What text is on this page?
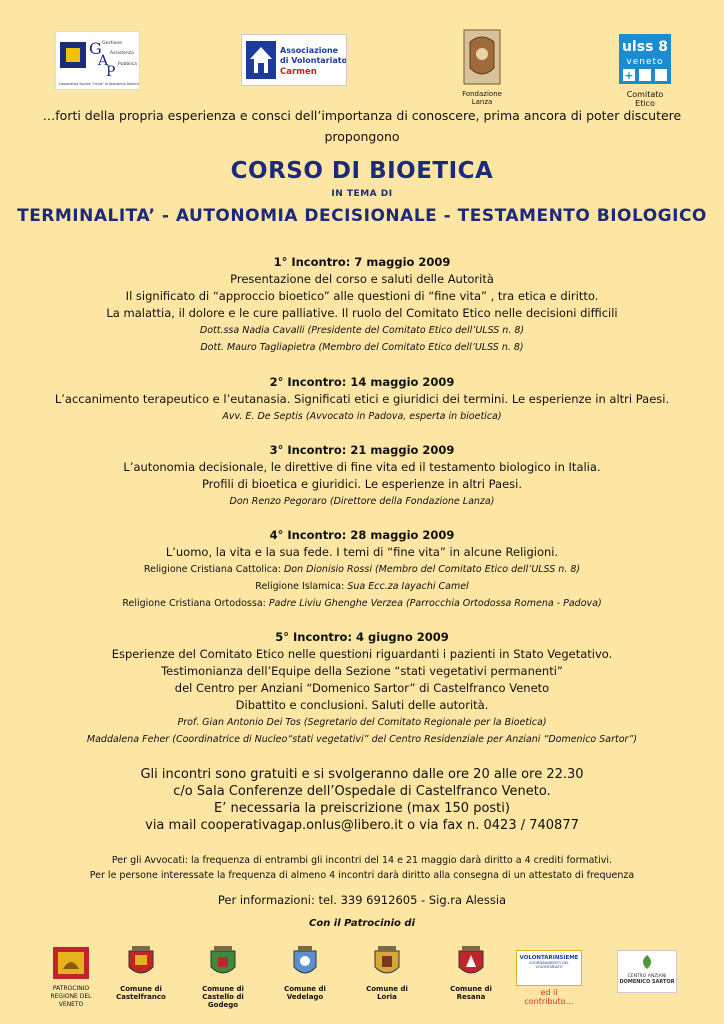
G
A
P
Gestione
Assistenza
Pubblica
Cooperativa Sociale "Onlus" di Assistenza Domiciliare
Associazione
di Volontariato
Carmen
Fondazione Lanza
ulss 8
veneto
+
Comitato Etico
…forti della propria esperienza e consci dell’importanza di conoscere, prima ancora di poter discutere
propongono
CORSO DI BIOETICA
IN TEMA DI
TERMINALITA’ - AUTONOMIA DECISIONALE - TESTAMENTO BIOLOGICO
1° Incontro: 7 maggio 2009
Presentazione del corso e saluti delle Autorità
Il significato di “approccio bioetico” alle questioni di “fine vita” , tra etica e diritto.
La malattia, il dolore e le cure palliative. Il ruolo del Comitato Etico nelle decisioni difficili
Dott.ssa Nadia Cavalli (Presidente del Comitato Etico dell’ULSS n. 8)
Dott. Mauro Tagliapietra (Membro del Comitato Etico dell’ULSS n. 8)
2° Incontro: 14 maggio 2009
L’accanimento terapeutico e l’eutanasia. Significati etici e giuridici dei termini. Le esperienze in altri Paesi.
Avv. E. De Septis (Avvocato in Padova, esperta in bioetica)
3° Incontro: 21 maggio 2009
L’autonomia decisionale, le direttive di fine vita ed il testamento biologico in Italia.
Profili di bioetica e giuridici. Le esperienze in altri Paesi.
Don Renzo Pegoraro (Direttore della Fondazione Lanza)
4° Incontro: 28 maggio 2009
L’uomo, la vita e la sua fede. I temi di “fine vita” in alcune Religioni.
Religione Cristiana Cattolica: Don Dionisio Rossi (Membro del Comitato Etico dell’ULSS n. 8)
Religione Islamica: Sua Ecc.za Iayachi Camel
Religione Cristiana Ortodossa: Padre Liviu Ghenghe Verzea (Parrocchia Ortodossa Romena - Padova)
5° Incontro: 4 giugno 2009
Esperienze del Comitato Etico nelle questioni riguardanti i pazienti in Stato Vegetativo.
Testimonianza dell’Equipe della Sezione “stati vegetativi permanenti”
del Centro per Anziani “Domenico Sartor” di Castelfranco Veneto
Dibattito e conclusioni. Saluti delle autorità.
Prof. Gian Antonio Dei Tos (Segretario del Comitato Regionale per la Bioetica)
Maddalena Feher (Coordinatrice di Nucleo“stati vegetativi” del Centro Residenziale per Anziani “Domenico Sartor”)
Gli incontri sono gratuiti e si svolgeranno dalle ore 20 alle ore 22.30
c/o Sala Conferenze dell’Ospedale di Castelfranco Veneto.
E’ necessaria la preiscrizione (max 150 posti)
via mail cooperativagap.onlus@libero.it o via fax n. 0423 / 740877
Per gli Avvocati: la frequenza di entrambi gli incontri del 14 e 21 maggio darà diritto a 4 crediti formativi.
Per le persone interessate la frequenza di almeno 4 incontri darà diritto alla consegna di un attestato di frequenza
Per informazioni: tel. 339 6912605 - Sig.ra Alessia
Con il Patrocinio di
PATROCINIO
REGIONE DEL VENETO
Comune di
Castelfranco
Comune di
Castello di Godego
Comune di
Vedelago
Comune di
Loria
Comune di
Resana
VOLONTARINSIEME
COORDINAMENTO DEL VOLONTARIATO
ed il contributo…
CENTRO ANZIANI
DOMENICO SARTOR
